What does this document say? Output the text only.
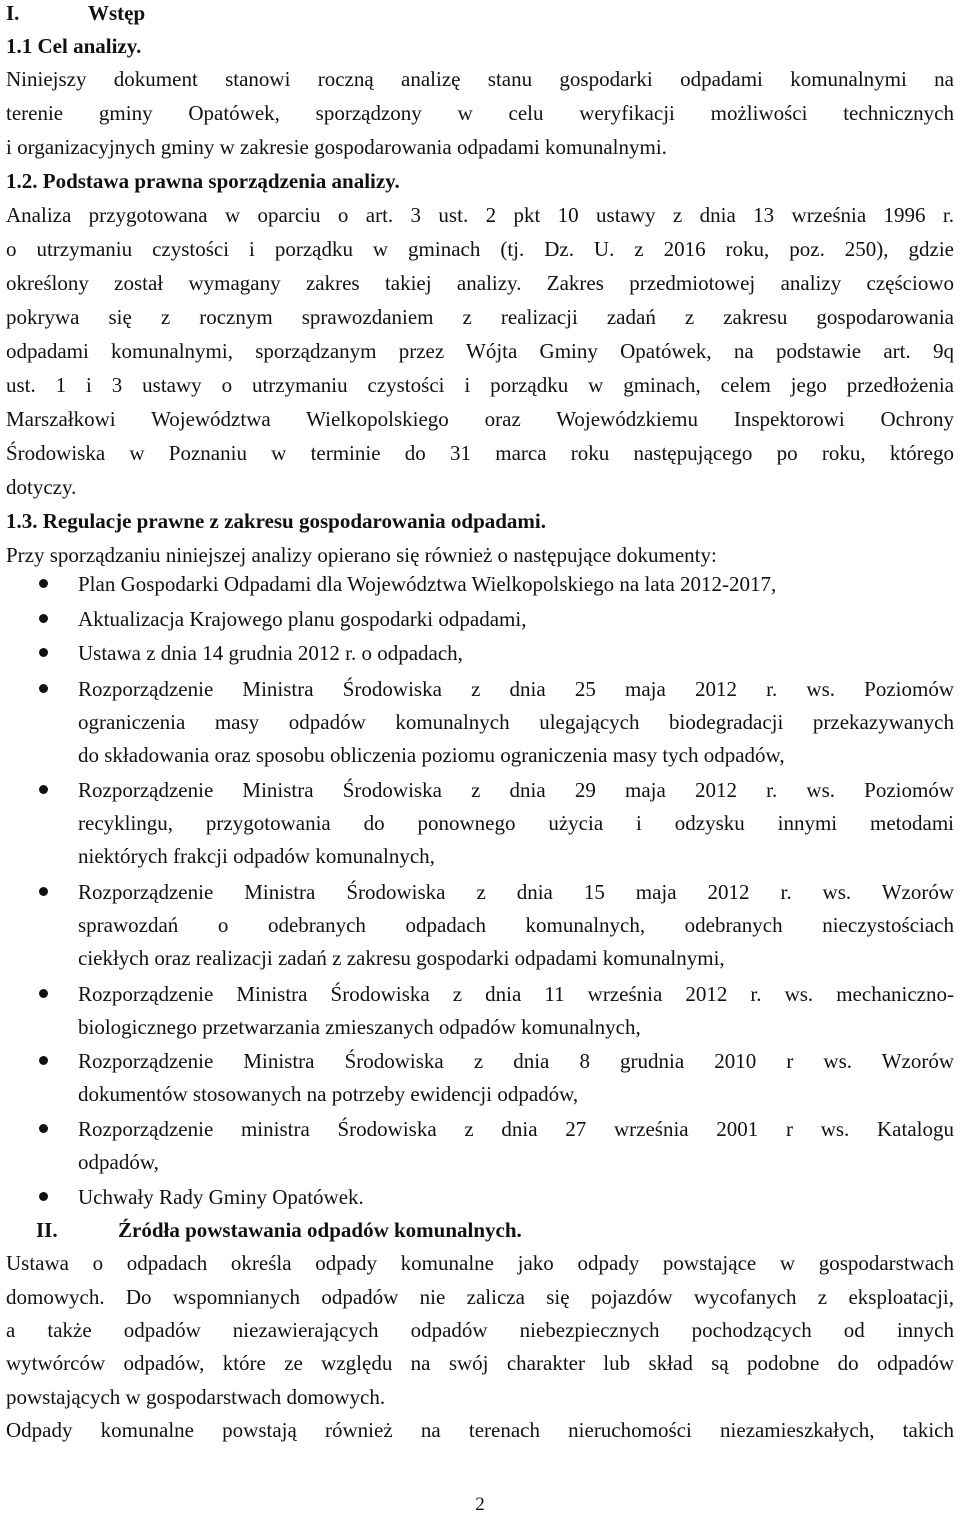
I.	Wstęp
1.1 Cel analizy.
Niniejszy dokument stanowi roczną analizę stanu gospodarki odpadami komunalnymi na
terenie gminy Opatówek, sporządzony w celu weryfikacji możliwości technicznych
i organizacyjnych gminy w zakresie gospodarowania odpadami komunalnymi.
1.2. Podstawa prawna sporządzenia analizy.
Analiza przygotowana w oparciu o art. 3 ust. 2 pkt 10 ustawy z dnia 13 września 1996 r.
o utrzymaniu czystości i porządku w gminach (tj. Dz. U. z 2016 roku, poz. 250), gdzie
określony został wymagany zakres takiej analizy. Zakres przedmiotowej analizy częściowo
pokrywa się z rocznym sprawozdaniem z realizacji zadań z zakresu gospodarowania
odpadami komunalnymi, sporządzanym przez Wójta Gminy Opatówek, na podstawie art. 9q
ust. 1 i 3 ustawy o utrzymaniu czystości i porządku w gminach, celem jego przedłożenia
Marszałkowi Województwa Wielkopolskiego oraz Wojewódzkiemu Inspektorowi Ochrony
Środowiska w Poznaniu w terminie do 31 marca roku następującego po roku, którego
dotyczy.
1.3. Regulacje prawne z zakresu gospodarowania odpadami.
Przy sporządzaniu niniejszej analizy opierano się również o następujące dokumenty:
Plan Gospodarki Odpadami dla Województwa Wielkopolskiego na lata 2012-2017,
Aktualizacja Krajowego planu gospodarki odpadami,
Ustawa z dnia 14 grudnia 2012 r. o odpadach,
Rozporządzenie Ministra Środowiska z dnia 25 maja 2012 r. ws. Poziomów
ograniczenia masy odpadów komunalnych ulegających biodegradacji przekazywanych
do składowania oraz sposobu obliczenia poziomu ograniczenia masy tych odpadów,
Rozporządzenie Ministra Środowiska z dnia 29 maja 2012 r. ws. Poziomów
recyklingu, przygotowania do ponownego użycia i odzysku innymi metodami
niektórych frakcji odpadów komunalnych,
Rozporządzenie Ministra Środowiska z dnia 15 maja 2012 r. ws. Wzorów
sprawozdań o odebranych odpadach komunalnych, odebranych nieczystościach
ciekłych oraz realizacji zadań z zakresu gospodarki odpadami komunalnymi,
Rozporządzenie Ministra Środowiska z dnia 11 września 2012 r. ws. mechaniczno-
biologicznego przetwarzania zmieszanych odpadów komunalnych,
Rozporządzenie Ministra Środowiska z dnia 8 grudnia 2010 r ws. Wzorów
dokumentów stosowanych na potrzeby ewidencji odpadów,
Rozporządzenie ministra Środowiska z dnia 27 września 2001 r ws. Katalogu
odpadów,
Uchwały Rady Gminy Opatówek.
II.	Źródła powstawania odpadów komunalnych.
Ustawa o odpadach określa odpady komunalne jako odpady powstające w gospodarstwach
domowych. Do wspomnianych odpadów nie zalicza się pojazdów wycofanych z eksploatacji,
a także odpadów niezawierających odpadów niebezpiecznych pochodzących od innych
wytwórców odpadów, które ze względu na swój charakter lub skład są podobne do odpadów
powstających w gospodarstwach domowych.
Odpady komunalne powstają również na terenach nieruchomości niezamieszkałych, takich
2
